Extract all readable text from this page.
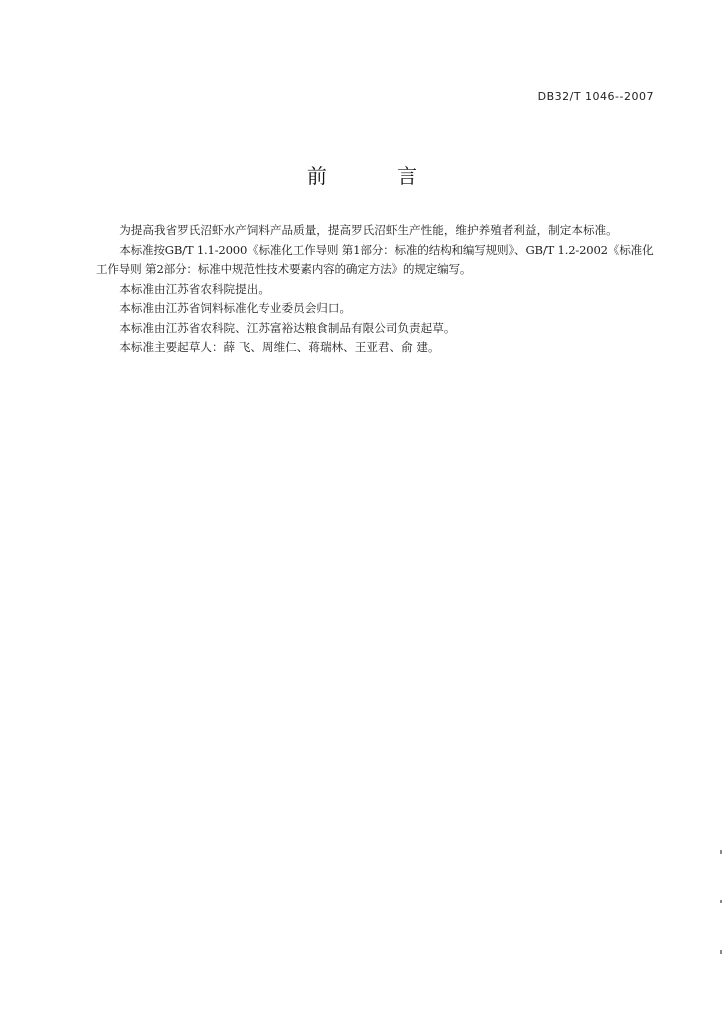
DB32/T 1046--2007
前 言

为提高我省罗氏沼虾水产饲料产品质量，提高罗氏沼虾生产性能，维护养殖者利益，制定本标准。

本标准按GB/T 1.1-2000《标准化工作导则 第1部分：标准的结构和编写规则》、GB/T 1.2-2002《标准化工作导则 第2部分：标准中规范性技术要素内容的确定方法》的规定编写。

本标准由江苏省农科院提出。

本标准由江苏省饲料标准化专业委员会归口。

本标准由江苏省农科院、江苏富裕达粮食制品有限公司负责起草。

本标准主要起草人：薛 飞、周维仁、蒋瑞林、王亚君、俞 建。
